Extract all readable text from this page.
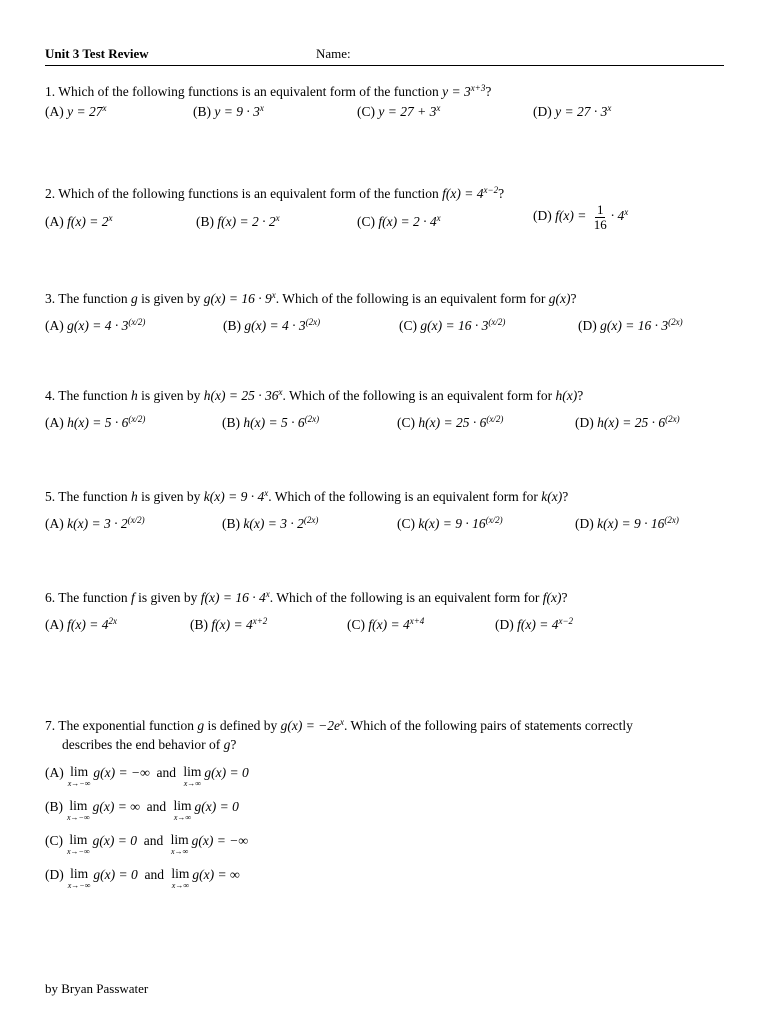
Unit 3 Test Review	Name:
1. Which of the following functions is an equivalent form of the function $y = 3^{x+3}$?
(A) $y = 27^x$	(B) $y = 9 \cdot 3^x$	(C) $y = 27 + 3^x$	(D) $y = 27 \cdot 3^x$
2. Which of the following functions is an equivalent form of the function $f(x) = 4^{x-2}$?
(A) $f(x) = 2^x$	(B) $f(x) = 2 \cdot 2^x$	(C) $f(x) = 2 \cdot 4^x$	(D) $f(x) = \frac{1}{16} \cdot 4^x$
3. The function g is given by $g(x) = 16 \cdot 9^x$. Which of the following is an equivalent form for g(x)?
(A) $g(x) = 4 \cdot 3^{(x/2)}$	(B) $g(x) = 4 \cdot 3^{(2x)}$	(C) $g(x) = 16 \cdot 3^{(x/2)}$	(D) $g(x) = 16 \cdot 3^{(2x)}$
4. The function h is given by $h(x) = 25 \cdot 36^x$. Which of the following is an equivalent form for h(x)?
(A) $h(x) = 5 \cdot 6^{(x/2)}$	(B) $h(x) = 5 \cdot 6^{(2x)}$	(C) $h(x) = 25 \cdot 6^{(x/2)}$	(D) $h(x) = 25 \cdot 6^{(2x)}$
5. The function h is given by $k(x) = 9 \cdot 4^x$. Which of the following is an equivalent form for k(x)?
(A) $k(x) = 3 \cdot 2^{(x/2)}$	(B) $k(x) = 3 \cdot 2^{(2x)}$	(C) $k(x) = 9 \cdot 16^{(x/2)}$	(D) $k(x) = 9 \cdot 16^{(2x)}$
6. The function f is given by $f(x) = 16 \cdot 4^x$. Which of the following is an equivalent form for f(x)?
(A) $f(x) = 4^{2x}$	(B) $f(x) = 4^{x+2}$	(C) $f(x) = 4^{x+4}$	(D) $f(x) = 4^{x-2}$
7. The exponential function g is defined by $g(x) = -2e^x$. Which of the following pairs of statements correctly
describes the end behavior of g?
(A) lim
x→−∞
g(x) = −∞ and lim
x→∞
g(x) = 0
(B) lim
x→−∞
g(x) = ∞ and lim
x→∞
g(x) = 0
(C) lim
x→−∞
g(x) = 0 and lim
x→∞
g(x) = −∞
(D) lim
x→−∞
g(x) = 0 and lim
x→∞
g(x) = ∞
by Bryan Passwater
